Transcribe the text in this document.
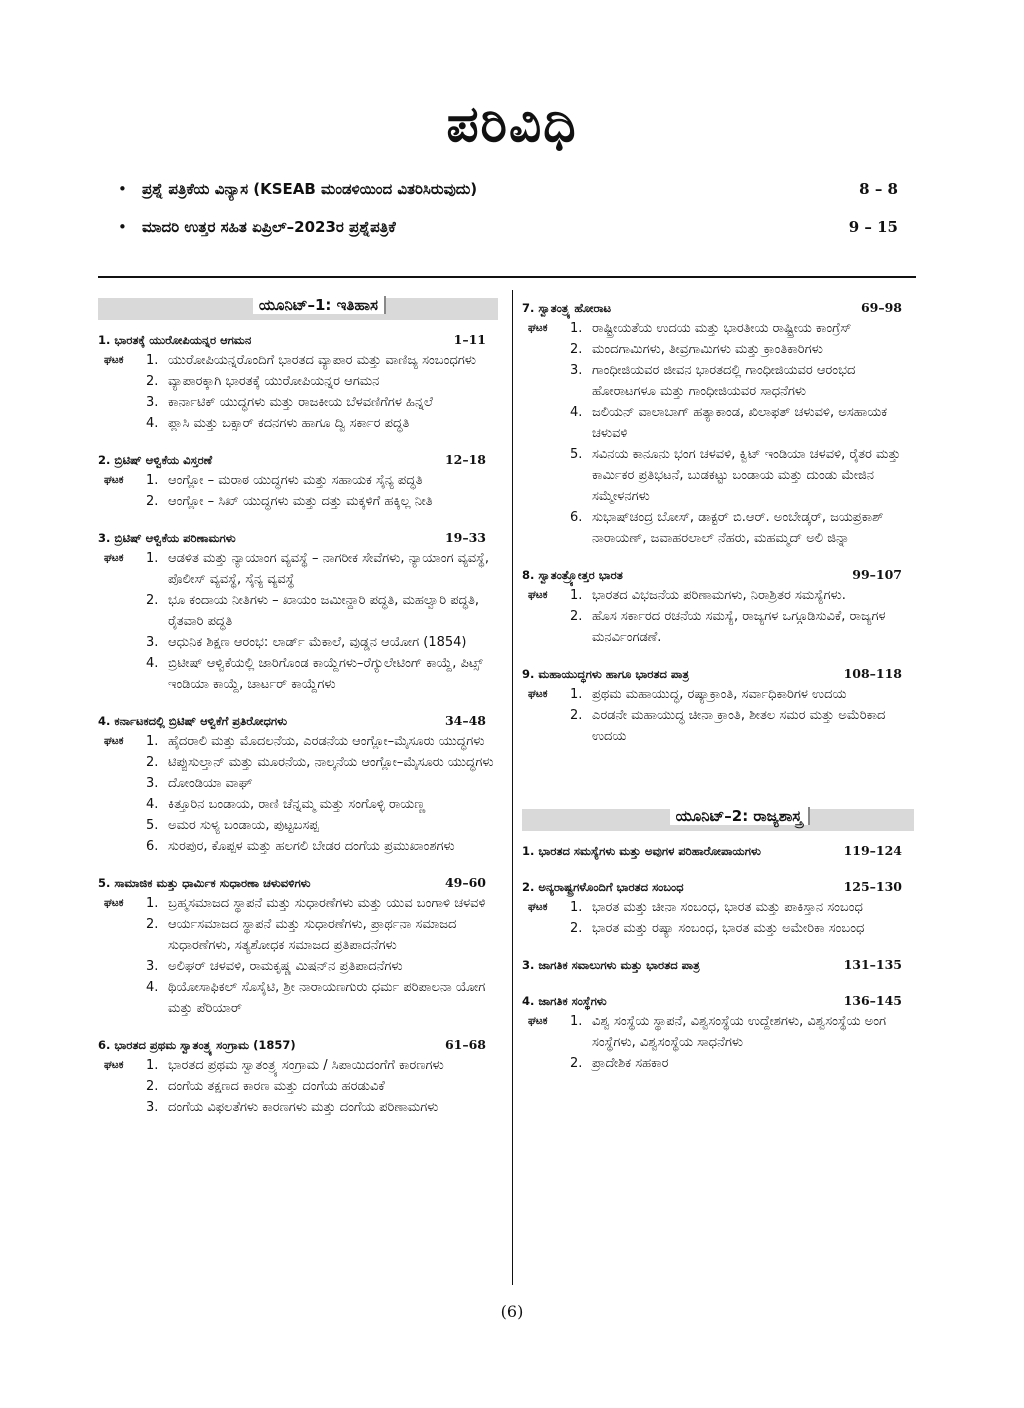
ಪರಿವಿಧಿ
• ಪ್ರಶ್ನೆ ಪತ್ರಿಕೆಯ ವಿನ್ಯಾಸ (KSEAB ಮಂಡಳಿಯಿಂದ ವಿತರಿಸಿರುವುದು)	8 – 8
• ಮಾದರಿ ಉತ್ತರ ಸಹಿತ ಏಪ್ರಿಲ್–2023ರ ಪ್ರಶ್ನೆಪತ್ರಿಕೆ	9 – 15
ಯೂನಿಟ್–1: ಇತಿಹಾಸ
1. ಭಾರತಕ್ಕೆ ಯುರೋಪಿಯನ್ನರ ಆಗಮನ	1–11
ಘಟಕ 1. ಯುರೋಪಿಯನ್ನರೊಂದಿಗೆ ಭಾರತದ ವ್ಯಾಪಾರ ಮತ್ತು ವಾಣಿಜ್ಯ ಸಂಬಂಧಗಳು
2. ವ್ಯಾಪಾರಕ್ಕಾಗಿ ಭಾರತಕ್ಕೆ ಯುರೋಪಿಯನ್ನರ ಆಗಮನ
3. ಕಾರ್ನಾಟಿಕ್ ಯುದ್ಧಗಳು ಮತ್ತು ರಾಜಕೀಯ ಬೆಳವಣಿಗೆಗಳ ಹಿನ್ನಲೆ
4. ಪ್ಲಾಸಿ ಮತ್ತು ಬಕ್ಸಾರ್ ಕದನಗಳು ಹಾಗೂ ದ್ವಿ ಸರ್ಕಾರ ಪದ್ಧತಿ
2. ಬ್ರಿಟಿಷ್ ಆಳ್ವಿಕೆಯ ವಿಸ್ತರಣೆ	12–18
ಘಟಕ 1. ಆಂಗ್ಲೋ – ಮರಾಠ ಯುದ್ಧಗಳು ಮತ್ತು ಸಹಾಯಕ ಸೈನ್ಯ ಪದ್ಧತಿ
2. ಆಂಗ್ಲೋ – ಸಿಖ್ ಯುದ್ಧಗಳು ಮತ್ತು ದತ್ತು ಮಕ್ಕಳಿಗೆ ಹಕ್ಕಿಲ್ಲ ನೀತಿ
3. ಬ್ರಿಟಿಷ್ ಆಳ್ವಿಕೆಯ ಪರಿಣಾಮಗಳು	19–33
ಘಟಕ 1. ಆಡಳಿತ ಮತ್ತು ನ್ಯಾಯಾಂಗ ವ್ಯವಸ್ಥೆ – ನಾಗರೀಕ ಸೇವೆಗಳು, ನ್ಯಾಯಾಂಗ ವ್ಯವಸ್ಥೆ, ಪೊಲೀಸ್ ವ್ಯವಸ್ಥೆ, ಸೈನ್ಯ ವ್ಯವಸ್ಥೆ
2. ಭೂ ಕಂದಾಯ ನೀತಿಗಳು – ಖಾಯಂ ಜಮೀನ್ದಾರಿ ಪದ್ಧತಿ, ಮಹಲ್ವಾರಿ ಪದ್ಧತಿ, ರೈತವಾರಿ ಪದ್ಧತಿ
3. ಆಧುನಿಕ ಶಿಕ್ಷಣ ಆರಂಭ: ಲಾರ್ಡ್ ಮೆಕಾಲೆ, ವುಡ್ಡನ ಆಯೋಗ (1854)
4. ಬ್ರಿಟೀಷ್ ಆಳ್ವಿಕೆಯಲ್ಲಿ ಜಾರಿಗೊಂಡ ಕಾಯ್ದೆಗಳು–ರೆಗ್ಯುಲೇಟಿಂಗ್ ಕಾಯ್ದೆ, ಪಿಟ್ಸ್ ಇಂಡಿಯಾ ಕಾಯ್ದೆ, ಚಾರ್ಟರ್ ಕಾಯ್ದೆಗಳು
4. ಕರ್ನಾಟಕದಲ್ಲಿ ಬ್ರಿಟಿಷ್ ಆಳ್ವಿಕೆಗೆ ಪ್ರತಿರೋಧಗಳು	34–48
ಘಟಕ 1. ಹೈದರಾಲಿ ಮತ್ತು ಮೊದಲನೆಯ, ಎರಡನೆಯ ಆಂಗ್ಲೋ–ಮೈಸೂರು ಯುದ್ಧಗಳು
2. ಟಿಪ್ಪುಸುಲ್ತಾನ್ ಮತ್ತು ಮೂರನೆಯ, ನಾಲ್ಕನೆಯ ಆಂಗ್ಲೋ–ಮೈಸೂರು ಯುದ್ಧಗಳು
3. ದೋಂಡಿಯಾ ವಾಘ್
4. ಕಿತ್ತೂರಿನ ಬಂಡಾಯ, ರಾಣಿ ಚೆನ್ನಮ್ಮ ಮತ್ತು ಸಂಗೊಳ್ಳಿ ರಾಯಣ್ಣ
5. ಅಮರ ಸುಳ್ಯ ಬಂಡಾಯ, ಪುಟ್ಟಬಸಪ್ಪ
6. ಸುರಪುರ, ಕೊಪ್ಪಳ ಮತ್ತು ಹಲಗಲಿ ಬೇಡರ ದಂಗೆಯ ಪ್ರಮುಖಾಂಶಗಳು
5. ಸಾಮಾಜಿಕ ಮತ್ತು ಧಾರ್ಮಿಕ ಸುಧಾರಣಾ ಚಳುವಳಿಗಳು	49–60
ಘಟಕ 1. ಬ್ರಹ್ಮಸಮಾಜದ ಸ್ಥಾಪನೆ ಮತ್ತು ಸುಧಾರಣೆಗಳು ಮತ್ತು ಯುವ ಬಂಗಾಳಿ ಚಳವಳಿ
2. ಆರ್ಯಸಮಾಜದ ಸ್ಥಾಪನೆ ಮತ್ತು ಸುಧಾರಣೆಗಳು, ಪ್ರಾರ್ಥನಾ ಸಮಾಜದ ಸುಧಾರಣೆಗಳು, ಸತ್ಯಶೋಧಕ ಸಮಾಜದ ಪ್ರತಿಪಾದನೆಗಳು
3. ಅಲಿಘರ್ ಚಳವಳಿ, ರಾಮಕೃಷ್ಣ ಮಿಷನ್‌ನ ಪ್ರತಿಪಾದನೆಗಳು
4. ಥಿಯೋಸಾಫಿಕಲ್ ಸೊಸೈಟಿ, ಶ್ರೀ ನಾರಾಯಣಗುರು ಧರ್ಮ ಪರಿಪಾಲನಾ ಯೋಗ ಮತ್ತು ಪೆರಿಯಾರ್
6. ಭಾರತದ ಪ್ರಥಮ ಸ್ವಾತಂತ್ರ್ಯ ಸಂಗ್ರಾಮ (1857)	61–68
ಘಟಕ 1. ಭಾರತದ ಪ್ರಥಮ ಸ್ವಾತಂತ್ರ್ಯ ಸಂಗ್ರಾಮ / ಸಿಪಾಯಿದಂಗೆಗೆ ಕಾರಣಗಳು
2. ದಂಗೆಯ ತಕ್ಷಣದ ಕಾರಣ ಮತ್ತು ದಂಗೆಯ ಹರಡುವಿಕೆ
3. ದಂಗೆಯ ವಿಫಲತೆಗಳು ಕಾರಣಗಳು ಮತ್ತು ದಂಗೆಯ ಪರಿಣಾಮಗಳು
7. ಸ್ವಾತಂತ್ರ್ಯ ಹೋರಾಟ	69–98
ಘಟಕ 1. ರಾಷ್ಟ್ರೀಯತೆಯ ಉದಯ ಮತ್ತು ಭಾರತೀಯ ರಾಷ್ಟ್ರೀಯ ಕಾಂಗ್ರೆಸ್
2. ಮಂದಗಾಮಿಗಳು, ತೀವ್ರಗಾಮಿಗಳು ಮತ್ತು ಕ್ರಾಂತಿಕಾರಿಗಳು
3. ಗಾಂಧೀಜಿಯವರ ಜೀವನ ಭಾರತದಲ್ಲಿ ಗಾಂಧೀಜಿಯವರ ಆರಂಭದ ಹೋರಾಟಗಳೂ ಮತ್ತು ಗಾಂಧೀಜಿಯವರ ಸಾಧನೆಗಳು
4. ಜಲಿಯನ್ ವಾಲಾಬಾಗ್ ಹತ್ಯಾಕಾಂಡ, ಖಿಲಾಫತ್ ಚಳುವಳಿ, ಅಸಹಾಯಕ ಚಳುವಳಿ
5. ಸವಿನಯ ಕಾನೂನು ಭಂಗ ಚಳವಳಿ, ಕ್ವಿಟ್ ಇಂಡಿಯಾ ಚಳವಳಿ, ರೈತರ ಮತ್ತು ಕಾರ್ಮಿಕರ ಪ್ರತಿಭಟನೆ, ಬುಡಕಟ್ಟು ಬಂಡಾಯ ಮತ್ತು ದುಂಡು ಮೇಜಿನ ಸಮ್ಮೇಳನಗಳು
6. ಸುಭಾಷ್‌ಚಂದ್ರ ಬೋಸ್, ಡಾಕ್ಟರ್ ಬಿ.ಆರ್. ಅಂಬೇಡ್ಕರ್, ಜಯಪ್ರಕಾಶ್ ನಾರಾಯಣ್, ಜವಾಹರಲಾಲ್ ನೆಹರು, ಮಹಮ್ಮದ್ ಅಲಿ ಜಿನ್ನಾ
8. ಸ್ವಾತಂತ್ರ್ಯೋತ್ತರ ಭಾರತ	99–107
ಘಟಕ 1. ಭಾರತದ ವಿಭಜನೆಯ ಪರಿಣಾಮಗಳು, ನಿರಾಶ್ರಿತರ ಸಮಸ್ಯೆಗಳು.
2. ಹೊಸ ಸರ್ಕಾರದ ರಚನೆಯ ಸಮಸ್ಯೆ, ರಾಜ್ಯಗಳ ಒಗ್ಗೂಡಿಸುವಿಕೆ, ರಾಜ್ಯಗಳ ಮನರ್ವಿಂಗಡಣೆ.
9. ಮಹಾಯುದ್ಧಗಳು ಹಾಗೂ ಭಾರತದ ಪಾತ್ರ	108–118
ಘಟಕ 1. ಪ್ರಥಮ ಮಹಾಯುದ್ಧ, ರಷ್ಯಾಕ್ರಾಂತಿ, ಸರ್ವಾಧಿಕಾರಿಗಳ ಉದಯ
2. ಎರಡನೇ ಮಹಾಯುದ್ಧ ಚೀನಾ ಕ್ರಾಂತಿ, ಶೀತಲ ಸಮರ ಮತ್ತು ಅಮೆರಿಕಾದ ಉದಯ
ಯೂನಿಟ್–2: ರಾಜ್ಯಶಾಸ್ತ್ರ
1. ಭಾರತದ ಸಮಸ್ಯೆಗಳು ಮತ್ತು ಅವುಗಳ ಪರಿಹಾರೋಪಾಯಗಳು	119–124
2. ಅನ್ಯರಾಷ್ಟ್ರಗಳೊಂದಿಗೆ ಭಾರತದ ಸಂಬಂಧ	125–130
ಘಟಕ 1. ಭಾರತ ಮತ್ತು ಚೀನಾ ಸಂಬಂಧ, ಭಾರತ ಮತ್ತು ಪಾಕಿಸ್ತಾನ ಸಂಬಂಧ
2. ಭಾರತ ಮತ್ತು ರಷ್ಯಾ ಸಂಬಂಧ, ಭಾರತ ಮತ್ತು ಅಮೇರಿಕಾ ಸಂಬಂಧ
3. ಜಾಗತಿಕ ಸವಾಲುಗಳು ಮತ್ತು ಭಾರತದ ಪಾತ್ರ	131–135
4. ಜಾಗತಿಕ ಸಂಸ್ಥೆಗಳು	136–145
ಘಟಕ 1. ವಿಶ್ವ ಸಂಸ್ಥೆಯ ಸ್ಥಾಪನೆ, ವಿಶ್ವಸಂಸ್ಥೆಯ ಉದ್ದೇಶಗಳು, ವಿಶ್ವಸಂಸ್ಥೆಯ ಅಂಗ ಸಂಸ್ಥೆಗಳು, ವಿಶ್ವಸಂಸ್ಥೆಯ ಸಾಧನೆಗಳು
2. ಪ್ರಾದೇಶಿಕ ಸಹಕಾರ
(6)
